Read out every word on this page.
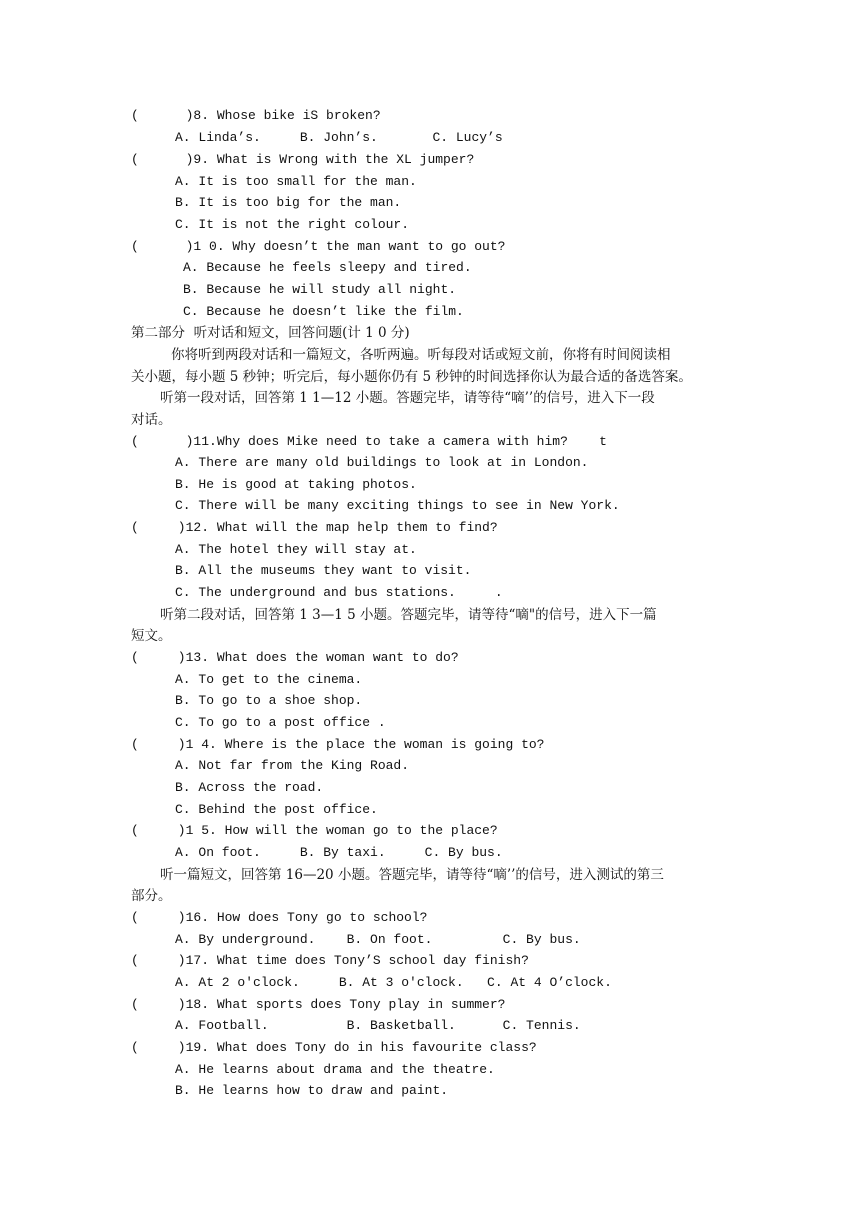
(      )8. Whose bike iS broken?
A. Linda’s.     B. John’s.       C. Lucy’s
(      )9. What is Wrong with the XL jumper?
A. It is too small for the man.
B. It is too big for the man.
C. It is not the right colour.
(      )1 0. Why doesn’t the man want to go out?
A. Because he feels sleepy and tired.
B. Because he will study all night.
C. Because he doesn’t like the film.
第二部分  听对话和短文，回答问题(计 1 0 分)
你将听到两段对话和一篇短文，各听两遍。听每段对话或短文前，你将有时间阅读相
关小题，每小题 5 秒钟；听完后，每小题你仍有 5 秒钟的时间选择你认为最合适的备选答案。
听第一段对话，回答第 1 1—12 小题。答题完毕，请等待“嘀’’的信号，进入下一段
对话。
(      )11.Why does Mike need to take a camera with him?    t
A. There are many old buildings to look at in London.
B. He is good at taking photos.
C. There will be many exciting things to see in New York.
(     )12. What will the map help them to find?
A. The hotel they will stay at.
B. All the museums they want to visit.
C. The underground and bus stations.     .
听第二段对话，回答第 1 3—1 5 小题。答题完毕，请等待“嘀"的信号，进入下一篇
短文。
(     )13. What does the woman want to do?
A. To get to the cinema.
B. To go to a shoe shop.
C. To go to a post office .
(     )1 4. Where is the place the woman is going to?
A. Not far from the King Road.
B. Across the road.
C. Behind the post office.
(     )1 5. How will the woman go to the place?
A. On foot.     B. By taxi.     C. By bus.
听一篇短文，回答第 16—20 小题。答题完毕，请等待“嘀’’的信号，进入测试的第三
部分。
(     )16. How does Tony go to school?
A. By underground.    B. On foot.         C. By bus.
(     )17. What time does Tony’S school day finish?
A. At 2 o'clock.     B. At 3 o'clock.   C. At 4 O’clock.
(     )18. What sports does Tony play in summer?
A. Football.          B. Basketball.      C. Tennis.
(     )19. What does Tony do in his favourite class?
A. He learns about drama and the theatre.
B. He learns how to draw and paint.
